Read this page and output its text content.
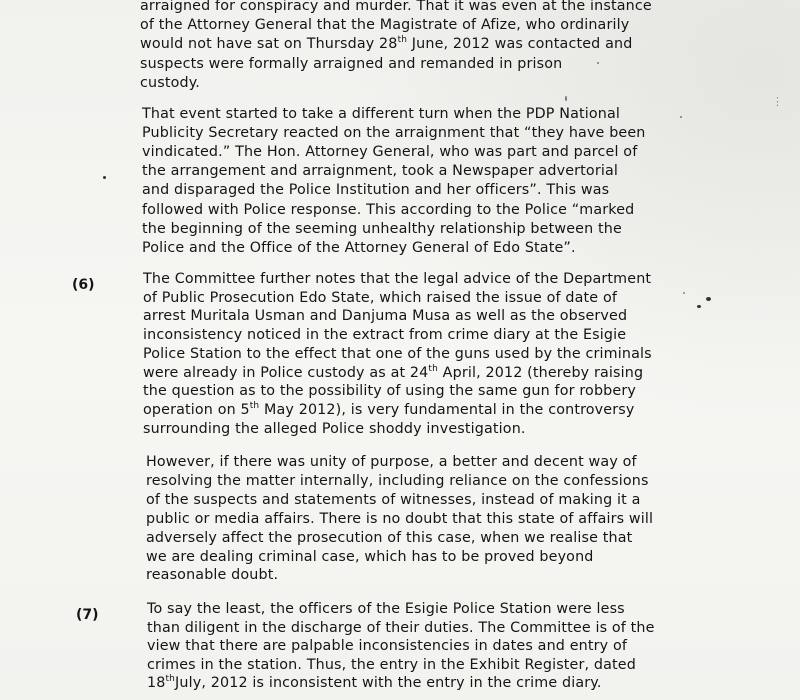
(6)
(7)
⋮
arraigned for conspiracy and murder. That it was even at the instance
of the Attorney General that the Magistrate of Afize, who ordinarily
would not have sat on Thursday 28th June, 2012 was contacted and
suspects were formally arraigned and remanded in prison
custody.
That event started to take a different turn when the PDP National
Publicity Secretary reacted on the arraignment that “they have been
vindicated.” The Hon. Attorney General, who was part and parcel of
the arrangement and arraignment, took a Newspaper advertorial
and disparaged the Police Institution and her officers”. This was
followed with Police response. This according to the Police “marked
the beginning of the seeming unhealthy relationship between the
Police and the Office of the Attorney General of Edo State”.
The Committee further notes that the legal advice of the Department
of Public Prosecution Edo State, which raised the issue of date of
arrest Muritala Usman and Danjuma Musa as well as the observed
inconsistency noticed in the extract from crime diary at the Esigie
Police Station to the effect that one of the guns used by the criminals
were already in Police custody as at 24th April, 2012 (thereby raising
the question as to the possibility of using the same gun for robbery
operation on 5th May 2012), is very fundamental in the controversy
surrounding the alleged Police shoddy investigation.
However, if there was unity of purpose, a better and decent way of
resolving the matter internally, including reliance on the confessions
of the suspects and statements of witnesses, instead of making it a
public or media affairs. There is no doubt that this state of affairs will
adversely affect the prosecution of this case, when we realise that
we are dealing criminal case, which has to be proved beyond
reasonable doubt.
To say the least, the officers of the Esigie Police Station were less
than diligent in the discharge of their duties. The Committee is of the
view that there are palpable inconsistencies in dates and entry of
crimes in the station. Thus, the entry in the Exhibit Register, dated
18thJuly, 2012 is inconsistent with the entry in the crime diary.
